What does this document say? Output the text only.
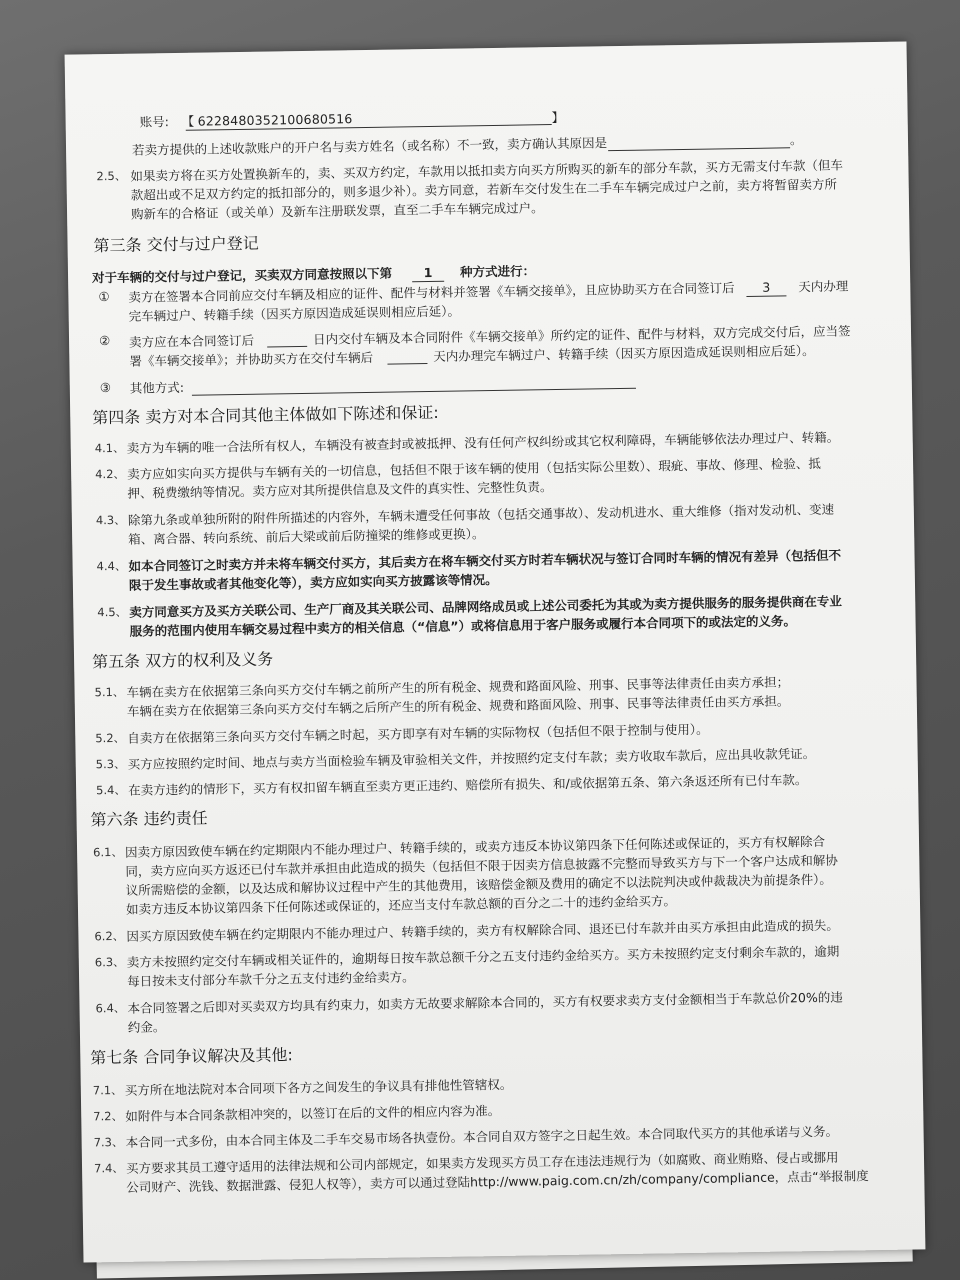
账号: 【 6228480352100680516	】
若卖方提供的上述收款账户的开户名与卖方姓名（或名称）不一致，卖方确认其原因是	。
2.5、 如果卖方将在买方处置换新车的，卖、买双方约定，车款用以抵扣卖方向买方所购买的新车的部分车款，买方无需支付车款（但车
款超出或不足双方约定的抵扣部分的，则多退少补）。卖方同意，若新车交付发生在二手车车辆完成过户之前，卖方将暂留卖方所
购新车的合格证（或关单）及新车注册联发票，直至二手车车辆完成过户。
第三条 交付与过户登记
对于车辆的交付与过户登记，买卖双方同意按照以下第	1	种方式进行：
① 卖方在签署本合同前应交付车辆及相应的证件、配件与材料并签署《车辆交接单》，且应协助买方在合同签订后	3	天内办理
完车辆过户、转籍手续（因买方原因造成延误则相应后延）。
② 卖方应在本合同签订后	日内交付车辆及本合同附件《车辆交接单》所约定的证件、配件与材料，双方完成交付后，应当签
署《车辆交接单》；并协助买方在交付车辆后	天内办理完车辆过户、转籍手续（因买方原因造成延误则相应后延）。
③ 其他方式:
第四条 卖方对本合同其他主体做如下陈述和保证:
4.1、 卖方为车辆的唯一合法所有权人，车辆没有被查封或被抵押、没有任何产权纠纷或其它权利障碍，车辆能够依法办理过户、转籍。
4.2、 卖方应如实向买方提供与车辆有关的一切信息，包括但不限于该车辆的使用（包括实际公里数）、瑕疵、事故、修理、检验、抵
押、税费缴纳等情况。卖方应对其所提供信息及文件的真实性、完整性负责。
4.3、 除第九条或单独所附的附件所描述的内容外，车辆未遭受任何事故（包括交通事故）、发动机进水、重大维修（指对发动机、变速
箱、离合器、转向系统、前后大梁或前后防撞梁的维修或更换）。
4.4、 如本合同签订之时卖方并未将车辆交付买方，其后卖方在将车辆交付买方时若车辆状况与签订合同时车辆的情况有差异（包括但不
限于发生事故或者其他变化等），卖方应如实向买方披露该等情况。
4.5、 卖方同意买方及买方关联公司、生产厂商及其关联公司、品牌网络成员或上述公司委托为其或为卖方提供服务的服务提供商在专业
服务的范围内使用车辆交易过程中卖方的相关信息（“信息”）或将信息用于客户服务或履行本合同项下的或法定的义务。
第五条 双方的权利及义务
5.1、 车辆在卖方在依据第三条向买方交付车辆之前所产生的所有税金、规费和路面风险、刑事、民事等法律责任由卖方承担；
车辆在卖方在依据第三条向买方交付车辆之后所产生的所有税金、规费和路面风险、刑事、民事等法律责任由买方承担。
5.2、 自卖方在依据第三条向买方交付车辆之时起，买方即享有对车辆的实际物权（包括但不限于控制与使用）。
5.3、 买方应按照约定时间、地点与卖方当面检验车辆及审验相关文件，并按照约定支付车款；卖方收取车款后，应出具收款凭证。
5.4、 在卖方违约的情形下，买方有权扣留车辆直至卖方更正违约、赔偿所有损失、和/或依据第五条、第六条返还所有已付车款。
第六条 违约责任
6.1、 因卖方原因致使车辆在约定期限内不能办理过户、转籍手续的，或卖方违反本协议第四条下任何陈述或保证的，买方有权解除合
同，卖方应向买方返还已付车款并承担由此造成的损失（包括但不限于因卖方信息披露不完整而导致买方与下一个客户达成和解协
议所需赔偿的金额，以及达成和解协议过程中产生的其他费用，该赔偿金额及费用的确定不以法院判决或仲裁裁决为前提条件）。
如卖方违反本协议第四条下任何陈述或保证的，还应当支付车款总额的百分之二十的违约金给买方。
6.2、 因买方原因致使车辆在约定期限内不能办理过户、转籍手续的，卖方有权解除合同、退还已付车款并由买方承担由此造成的损失。
6.3、 卖方未按照约定交付车辆或相关证件的，逾期每日按车款总额千分之五支付违约金给买方。买方未按照约定支付剩余车款的，逾期
每日按未支付部分车款千分之五支付违约金给卖方。
6.4、 本合同签署之后即对买卖双方均具有约束力，如卖方无故要求解除本合同的，买方有权要求卖方支付金额相当于车款总价20%的违
约金。
第七条 合同争议解决及其他:
7.1、 买方所在地法院对本合同项下各方之间发生的争议具有排他性管辖权。
7.2、 如附件与本合同条款相冲突的，以签订在后的文件的相应内容为准。
7.3、 本合同一式多份，由本合同主体及二手车交易市场各执壹份。本合同自双方签字之日起生效。本合同取代买方的其他承诺与义务。
7.4、 买方要求其员工遵守适用的法律法规和公司内部规定，如果卖方发现买方员工存在违法违规行为（如腐败、商业贿赂、侵占或挪用
公司财产、洗钱、数据泄露、侵犯人权等），卖方可以通过登陆http://www.paig.com.cn/zh/company/compliance，点击“举报制度
